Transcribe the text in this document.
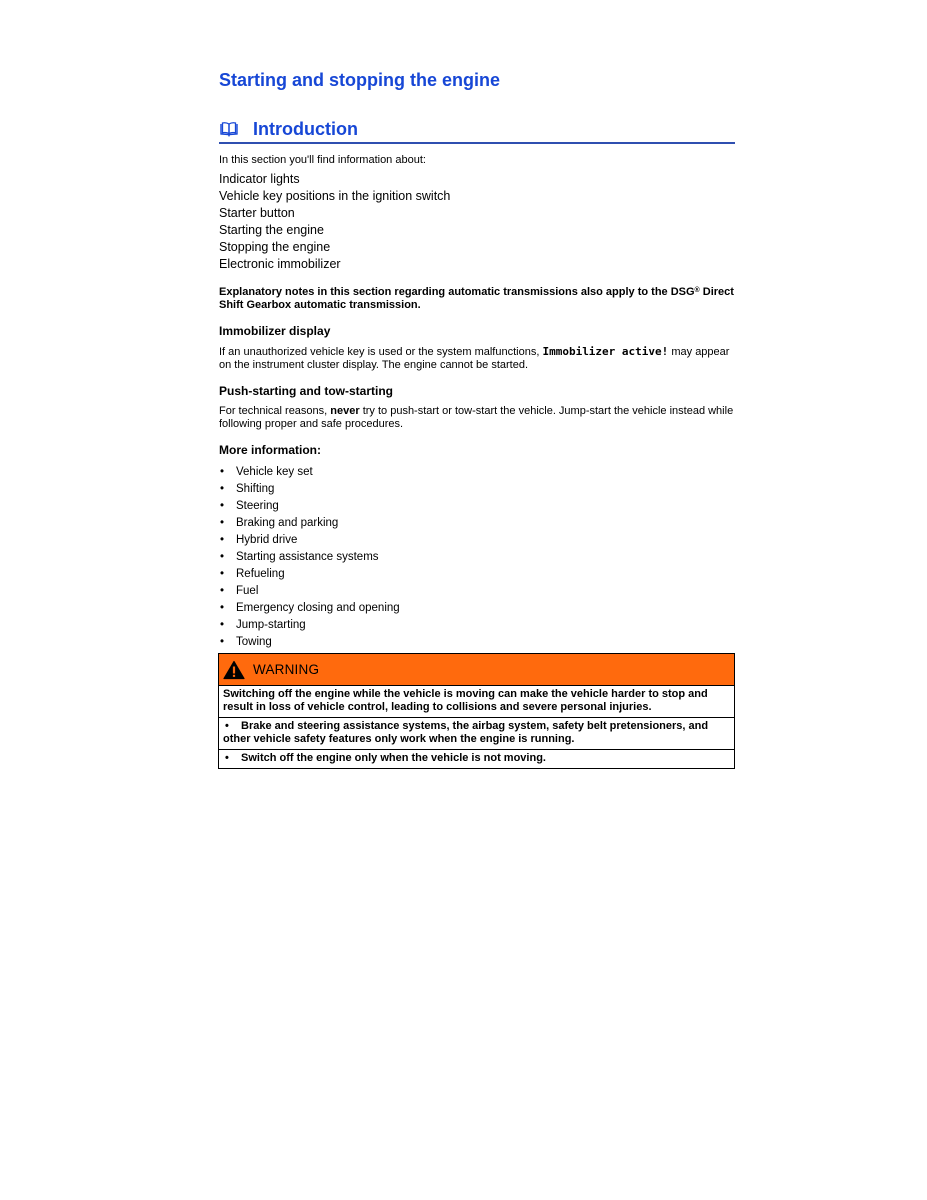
Starting and stopping the engine
Introduction

In this section you'll find information about:

Indicator lights
Vehicle key positions in the ignition switch
Starter button
Starting the engine
Stopping the engine
Electronic immobilizer
Explanatory notes in this section regarding automatic transmissions also apply to the DSG® Direct Shift Gearbox automatic transmission.
Immobilizer display
If an unauthorized vehicle key is used or the system malfunctions, Immobilizer active! may appear on the instrument cluster display. The engine cannot be started.
Push-starting and tow-starting
For technical reasons, never try to push-start or tow-start the vehicle. Jump-start the vehicle instead while following proper and safe procedures.
More information:
• Vehicle key set
• Shifting
• Steering
• Braking and parking
• Hybrid drive
• Starting assistance systems
• Refueling
• Fuel
• Emergency closing and opening
• Jump-starting
• Towing
WARNING
Switching off the engine while the vehicle is moving can make the vehicle harder to stop and result in loss of vehicle control, leading to collisions and severe personal injuries.
• Brake and steering assistance systems, the airbag system, safety belt pretensioners, and other vehicle safety features only work when the engine is running.
• Switch off the engine only when the vehicle is not moving.
